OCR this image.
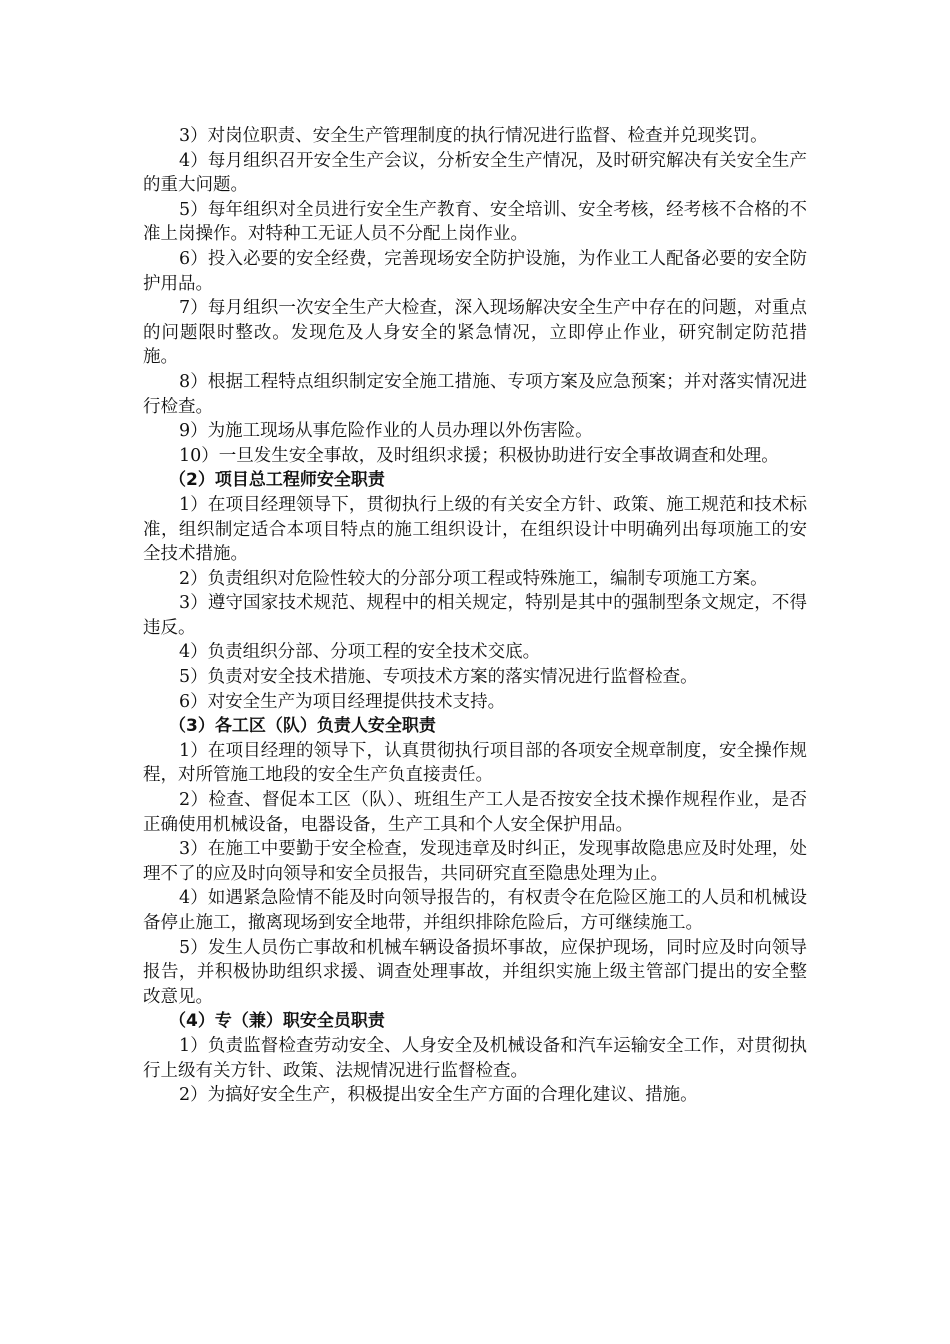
3）对岗位职责、安全生产管理制度的执行情况进行监督、检查并兑现奖罚。

4）每月组织召开安全生产会议，分析安全生产情况，及时研究解决有关安全生产的重大问题。

5）每年组织对全员进行安全生产教育、安全培训、安全考核，经考核不合格的不准上岗操作。对特种工无证人员不分配上岗作业。

6）投入必要的安全经费，完善现场安全防护设施，为作业工人配备必要的安全防护用品。

7）每月组织一次安全生产大检查，深入现场解决安全生产中存在的问题，对重点的问题限时整改。发现危及人身安全的紧急情况，立即停止作业，研究制定防范措施。

8）根据工程特点组织制定安全施工措施、专项方案及应急预案；并对落实情况进行检查。

9）为施工现场从事危险作业的人员办理以外伤害险。

10）一旦发生安全事故，及时组织求援；积极协助进行安全事故调查和处理。

（2）项目总工程师安全职责

1）在项目经理领导下，贯彻执行上级的有关安全方针、政策、施工规范和技术标准，组织制定适合本项目特点的施工组织设计，在组织设计中明确列出每项施工的安全技术措施。

2）负责组织对危险性较大的分部分项工程或特殊施工，编制专项施工方案。

3）遵守国家技术规范、规程中的相关规定，特别是其中的强制型条文规定，不得违反。

4）负责组织分部、分项工程的安全技术交底。

5）负责对安全技术措施、专项技术方案的落实情况进行监督检查。

6）对安全生产为项目经理提供技术支持。

（3）各工区（队）负责人安全职责

1）在项目经理的领导下，认真贯彻执行项目部的各项安全规章制度，安全操作规程，对所管施工地段的安全生产负直接责任。

2）检查、督促本工区（队）、班组生产工人是否按安全技术操作规程作业，是否正确使用机械设备，电器设备，生产工具和个人安全保护用品。

3）在施工中要勤于安全检查，发现违章及时纠正，发现事故隐患应及时处理，处理不了的应及时向领导和安全员报告，共同研究直至隐患处理为止。

4）如遇紧急险情不能及时向领导报告的，有权责令在危险区施工的人员和机械设备停止施工，撤离现场到安全地带，并组织排除危险后，方可继续施工。

5）发生人员伤亡事故和机械车辆设备损坏事故，应保护现场，同时应及时向领导报告，并积极协助组织求援、调查处理事故，并组织实施上级主管部门提出的安全整改意见。

（4）专（兼）职安全员职责

1）负责监督检查劳动安全、人身安全及机械设备和汽车运输安全工作，对贯彻执行上级有关方针、政策、法规情况进行监督检查。

2）为搞好安全生产，积极提出安全生产方面的合理化建议、措施。
